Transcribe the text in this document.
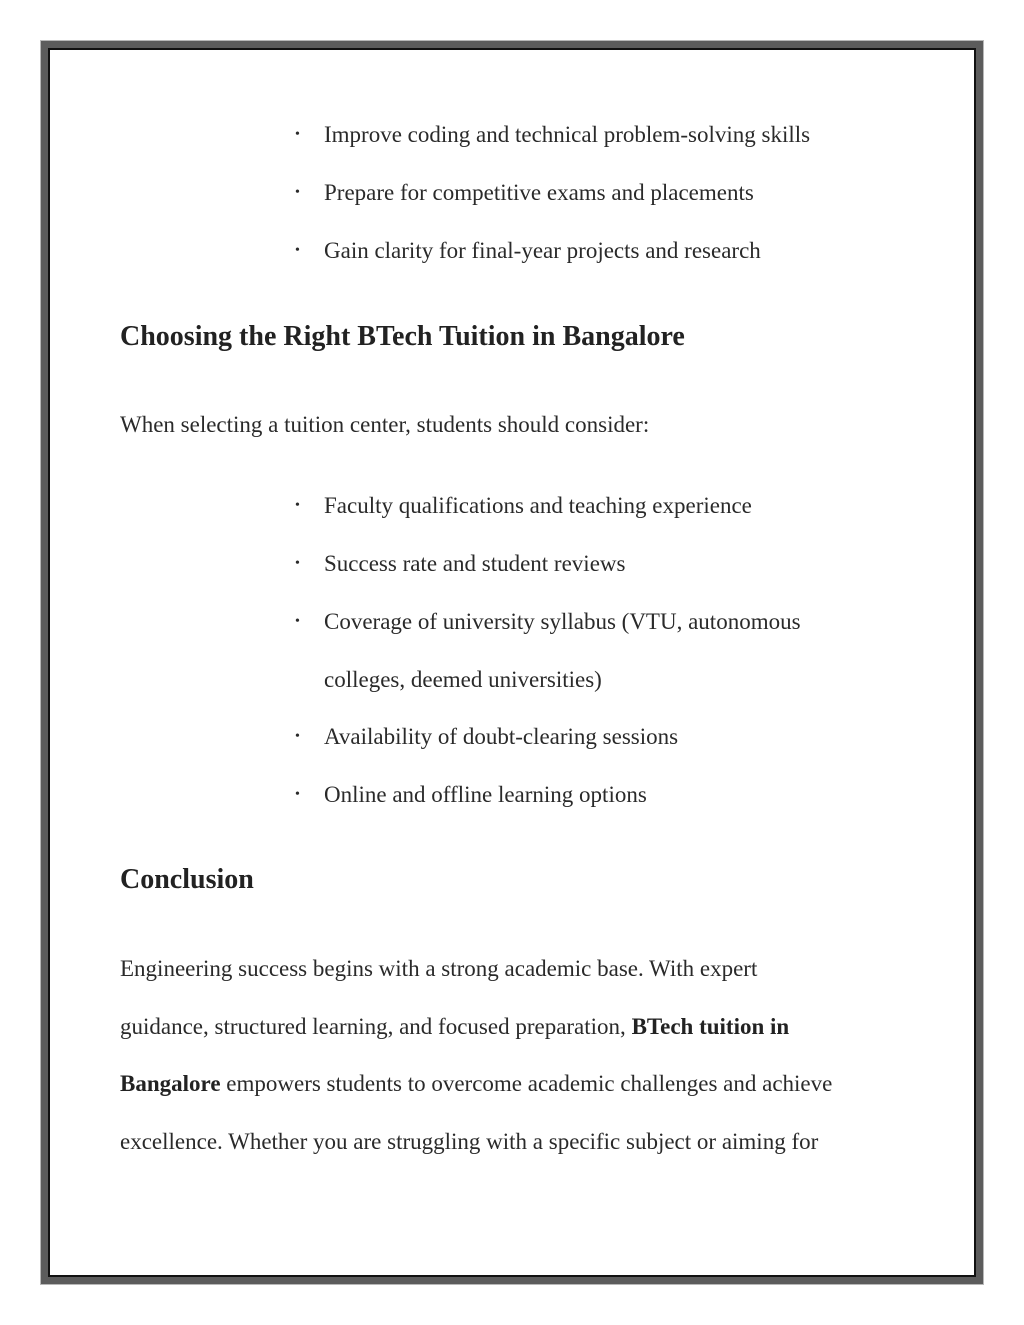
• Improve coding and technical problem-solving skills
• Prepare for competitive exams and placements
• Gain clarity for final-year projects and research
Choosing the Right BTech Tuition in Bangalore
When selecting a tuition center, students should consider:
• Faculty qualifications and teaching experience
• Success rate and student reviews
• Coverage of university syllabus (VTU, autonomous
colleges, deemed universities)
• Availability of doubt-clearing sessions
• Online and offline learning options
Conclusion
Engineering success begins with a strong academic base. With expert
guidance, structured learning, and focused preparation, BTech tuition in
Bangalore empowers students to overcome academic challenges and achieve
excellence. Whether you are struggling with a specific subject or aiming for
